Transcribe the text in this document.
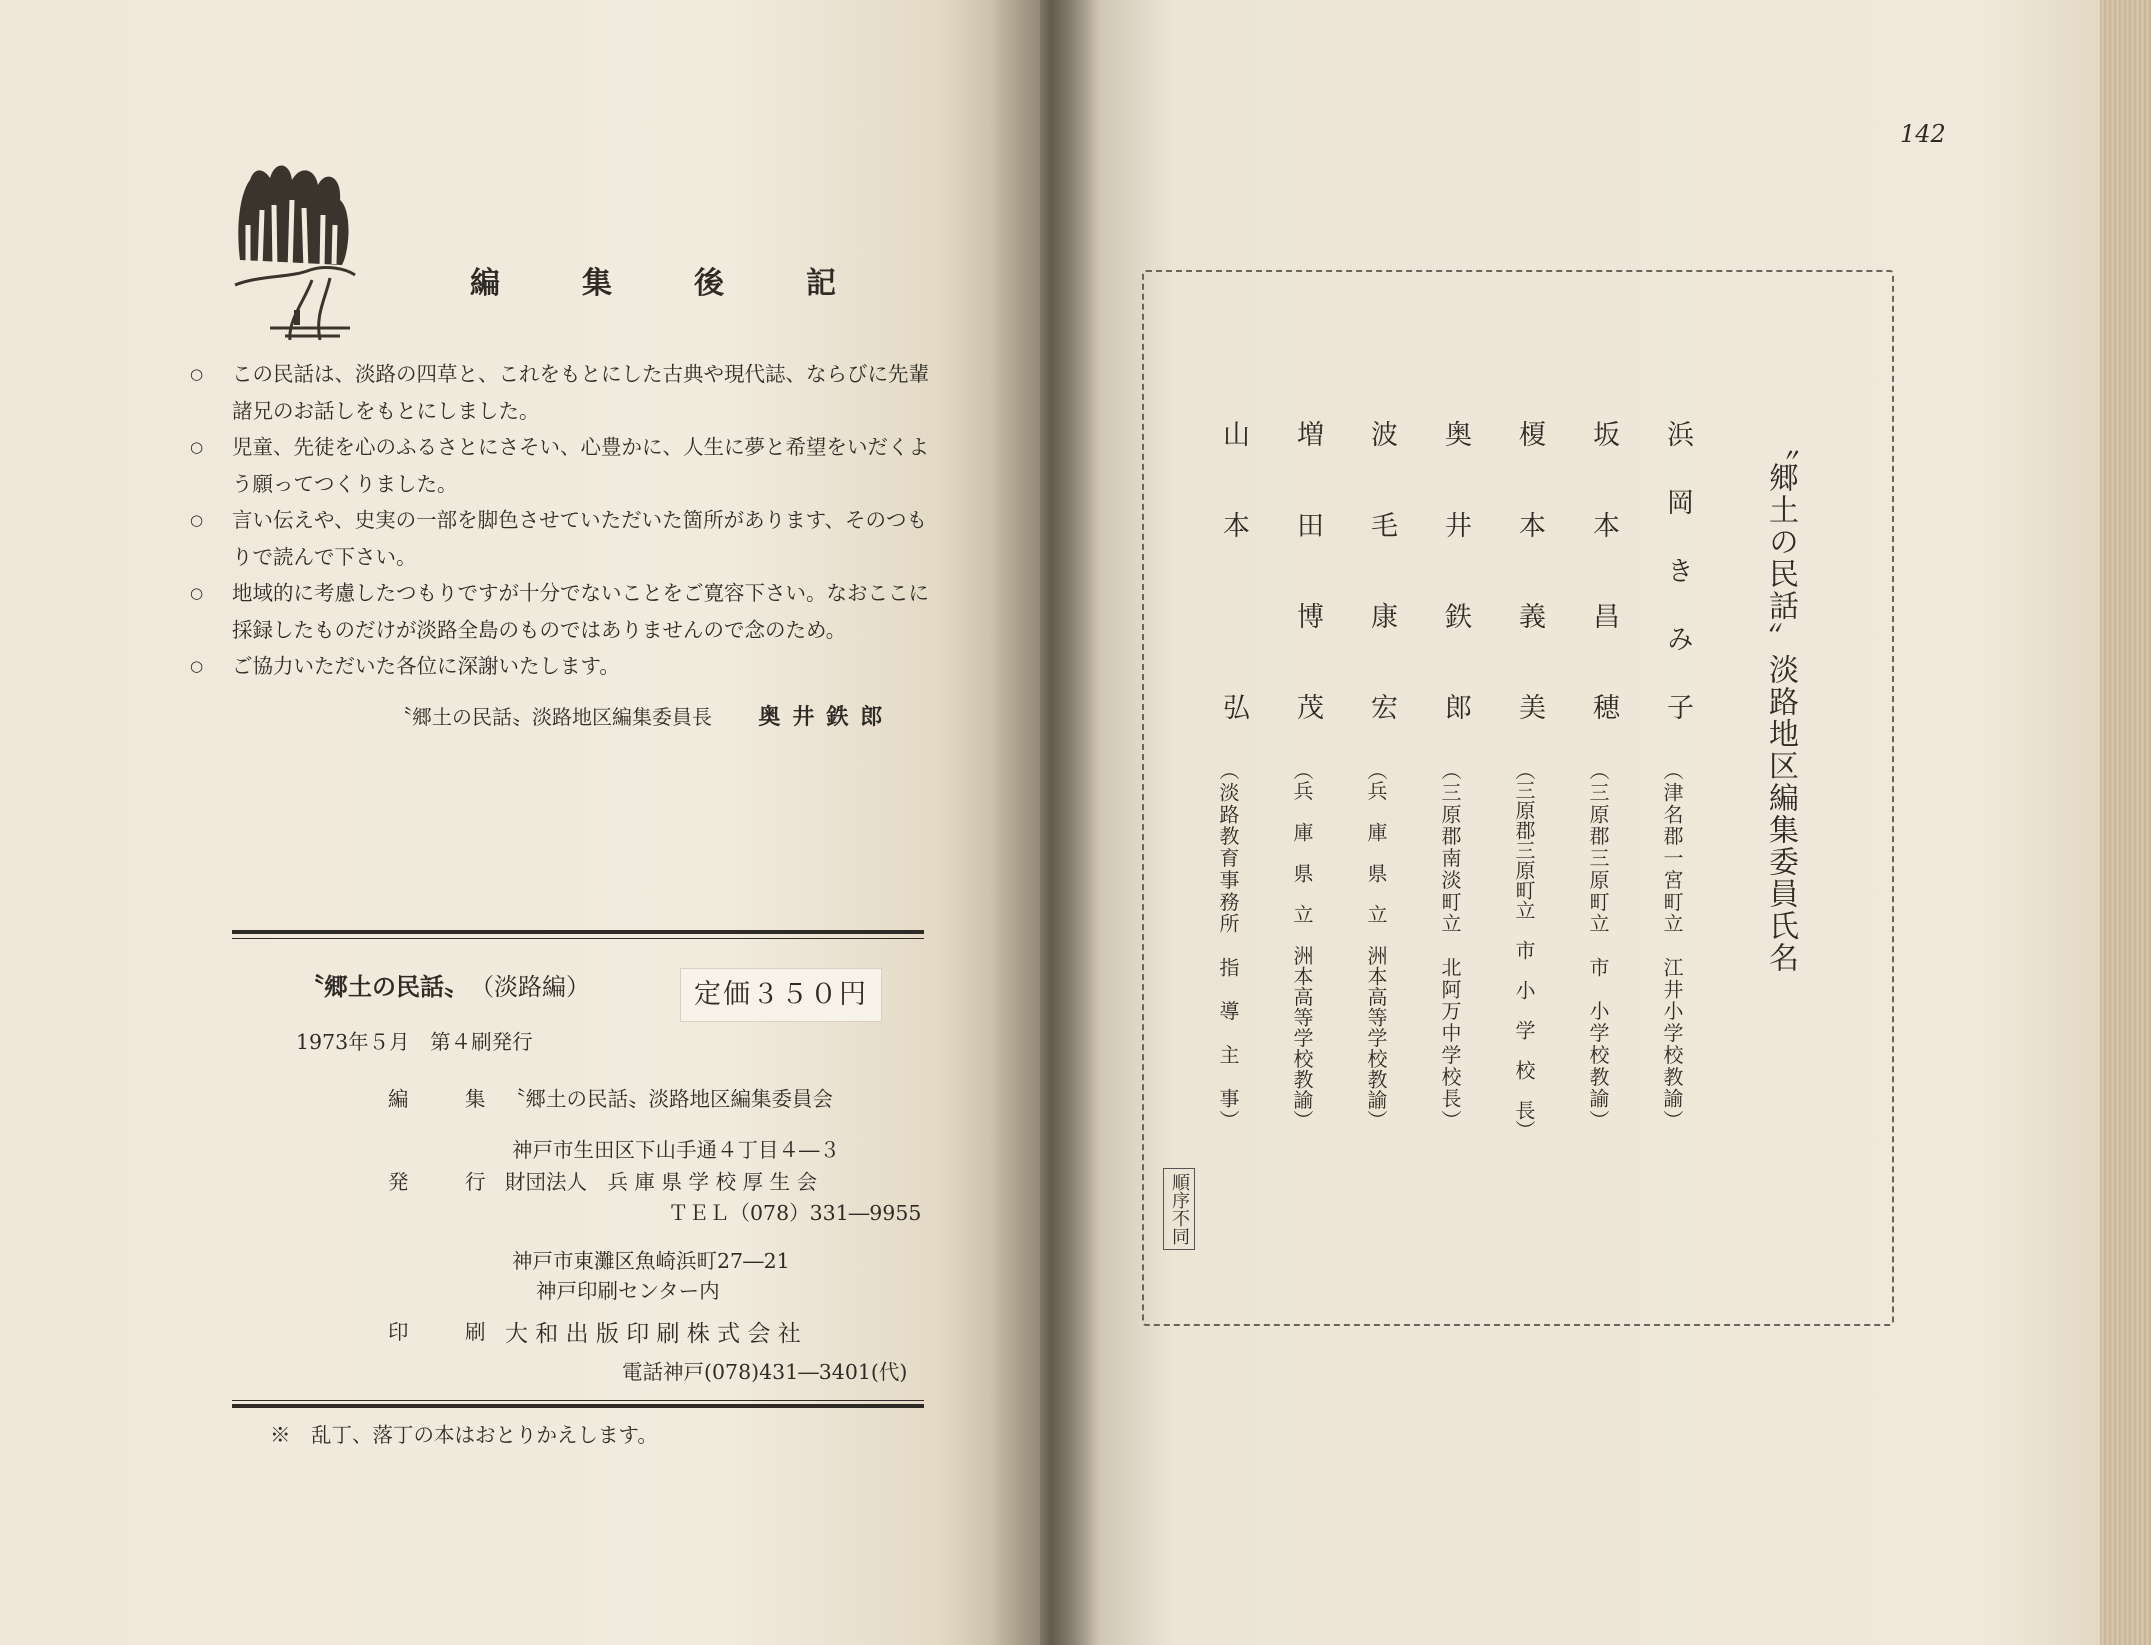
編　集　後　記
○	この民話は、淡路の四草と、これをもとにした古典や現代誌、ならびに先輩
諸兄のお話しをもとにしました。
○	児童、先徒を心のふるさとにさそい、心豊かに、人生に夢と希望をいだくよ
う願ってつくりました。
○	言い伝えや、史実の一部を脚色させていただいた箇所があります、そのつも
りで読んで下さい。
○	地域的に考慮したつもりですが十分でないことをご寛容下さい。なおここに
採録したものだけが淡路全島のものではありませんので念のため。
○	ご協力いただいた各位に深謝いたします。
〝郷土の民話〟淡路地区編集委員長 奥井鉄郎
〝郷土の民話〟 （淡路編）	定価３５０円
1973年５月　第４刷発行
編　集 〝郷土の民話〟淡路地区編集委員会
神戸市生田区下山手通４丁目４―３
発　行 財団法人　兵 庫 県 学 校 厚 生 会
ＴＥＬ（078）331―9955
神戸市東灘区魚崎浜町27―21
神戸印刷センター内
印　刷 大 和 出 版 印 刷 株 式 会 社
電話神戸(078)431―3401(代)
※　乱丁、落丁の本はおとりかえします。
142
〝郷土の民話〟淡路地区編集委員氏名
浜岡きみ子
（津名郡一宮町立　江井小学校教諭）
坂本昌穂
（三原郡三原町立　市　小学校教諭）
榎本義美
（三原郡三原町立　市　小　学　校　長）
奥井鉄郎
（三原郡南淡町立　北阿万中学校長）
波毛康宏
（兵　庫　県　立　洲本高等学校教諭）
増田博茂
（兵　庫　県　立　洲本高等学校教諭）
山本　弘
（淡路教育事務所　指　導　主　事）
順序不同
